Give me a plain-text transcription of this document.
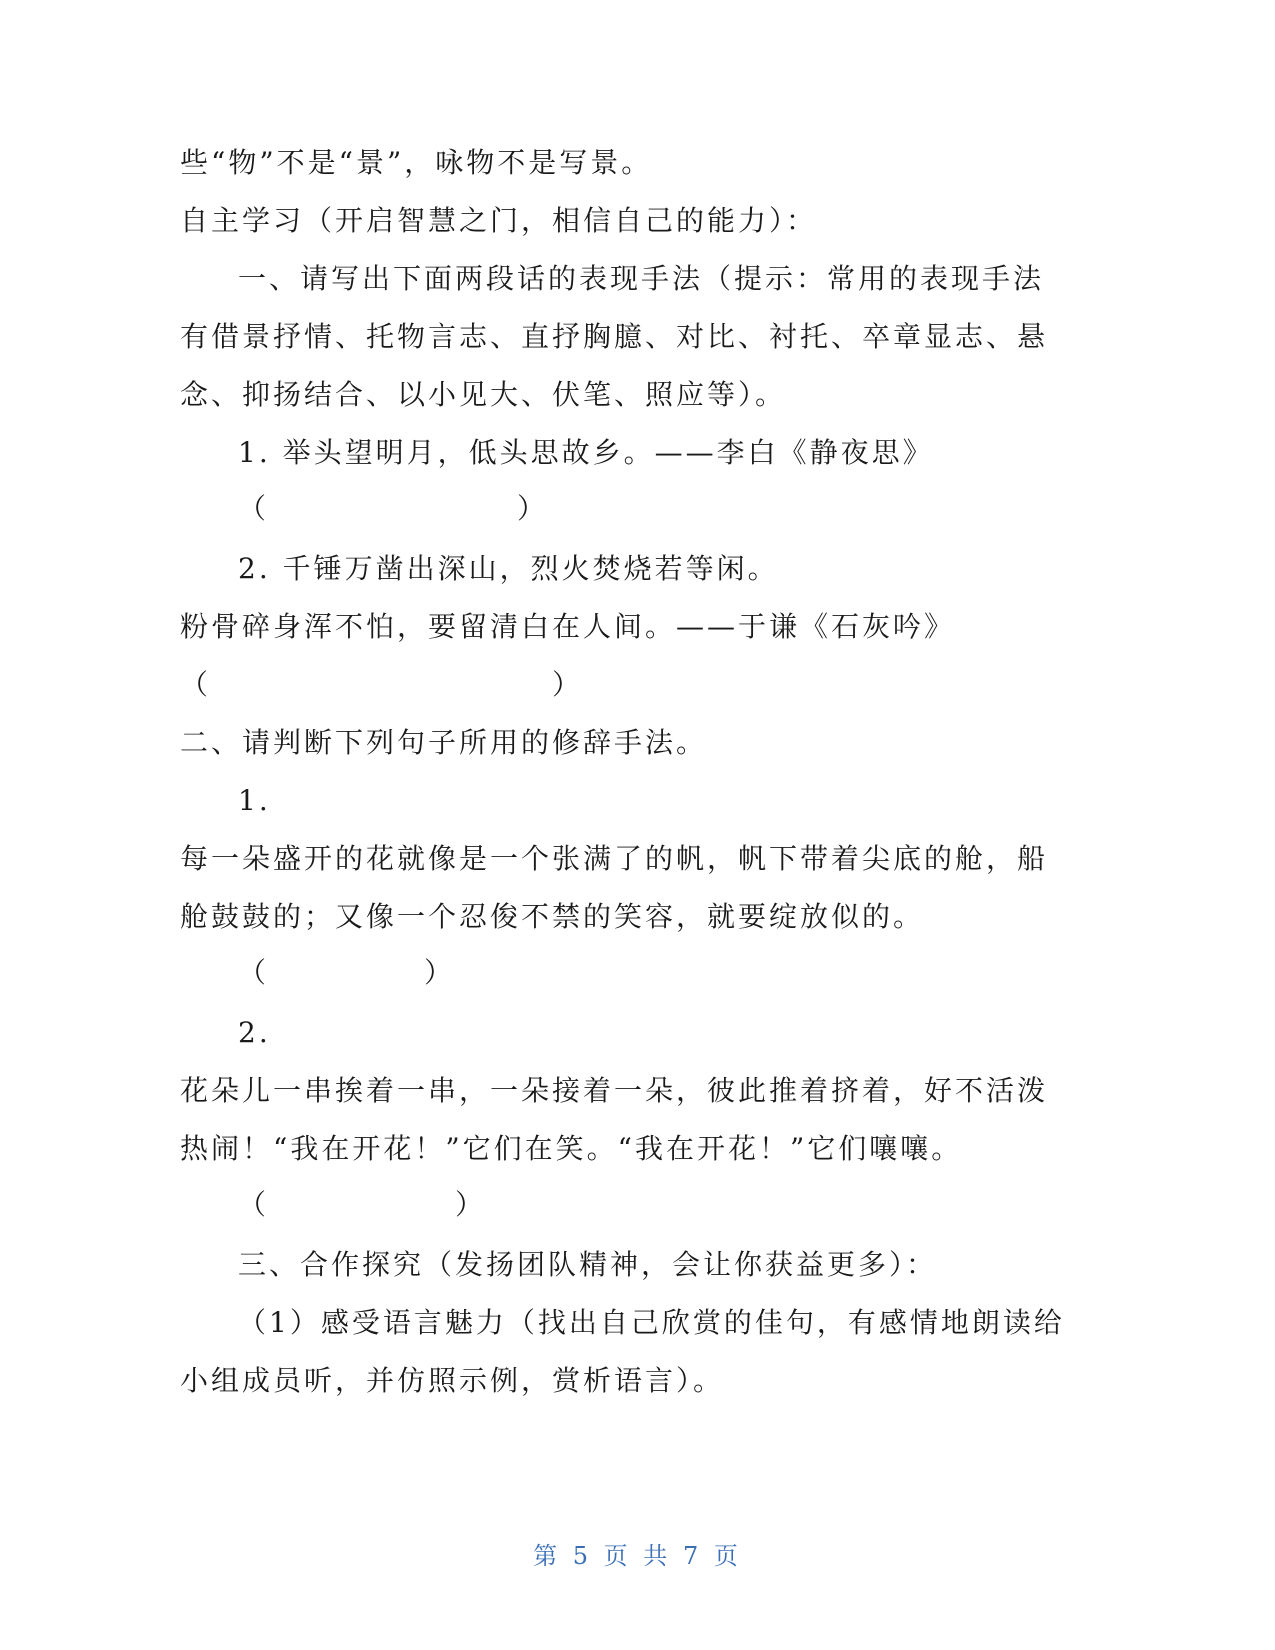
些“物”不是“景”，咏物不是写景。
自主学习（开启智慧之门，相信自己的能力）：
一、请写出下面两段话的表现手法（提示：常用的表现手法
有借景抒情、托物言志、直抒胸臆、对比、衬托、卒章显志、悬
念、抑扬结合、以小见大、伏笔、照应等）。
1. 举头望明月，低头思故乡。——李白《静夜思》
（　　　　　　　　）
2. 千锤万凿出深山，烈火焚烧若等闲。
粉骨碎身浑不怕，要留清白在人间。——于谦《石灰吟》
（　　　　　　　　　　　）
二、请判断下列句子所用的修辞手法。
1.
每一朵盛开的花就像是一个张满了的帆，帆下带着尖底的舱，船
舱鼓鼓的；又像一个忍俊不禁的笑容，就要绽放似的。
（　　　　　）
2.
花朵儿一串挨着一串，一朵接着一朵，彼此推着挤着，好不活泼
热闹！“我在开花！”它们在笑。“我在开花！”它们嚷嚷。
（　　　　　　）
三、合作探究（发扬团队精神，会让你获益更多）：
（1）感受语言魅力（找出自己欣赏的佳句，有感情地朗读给
小组成员听，并仿照示例，赏析语言）。
第 5 页 共 7 页
